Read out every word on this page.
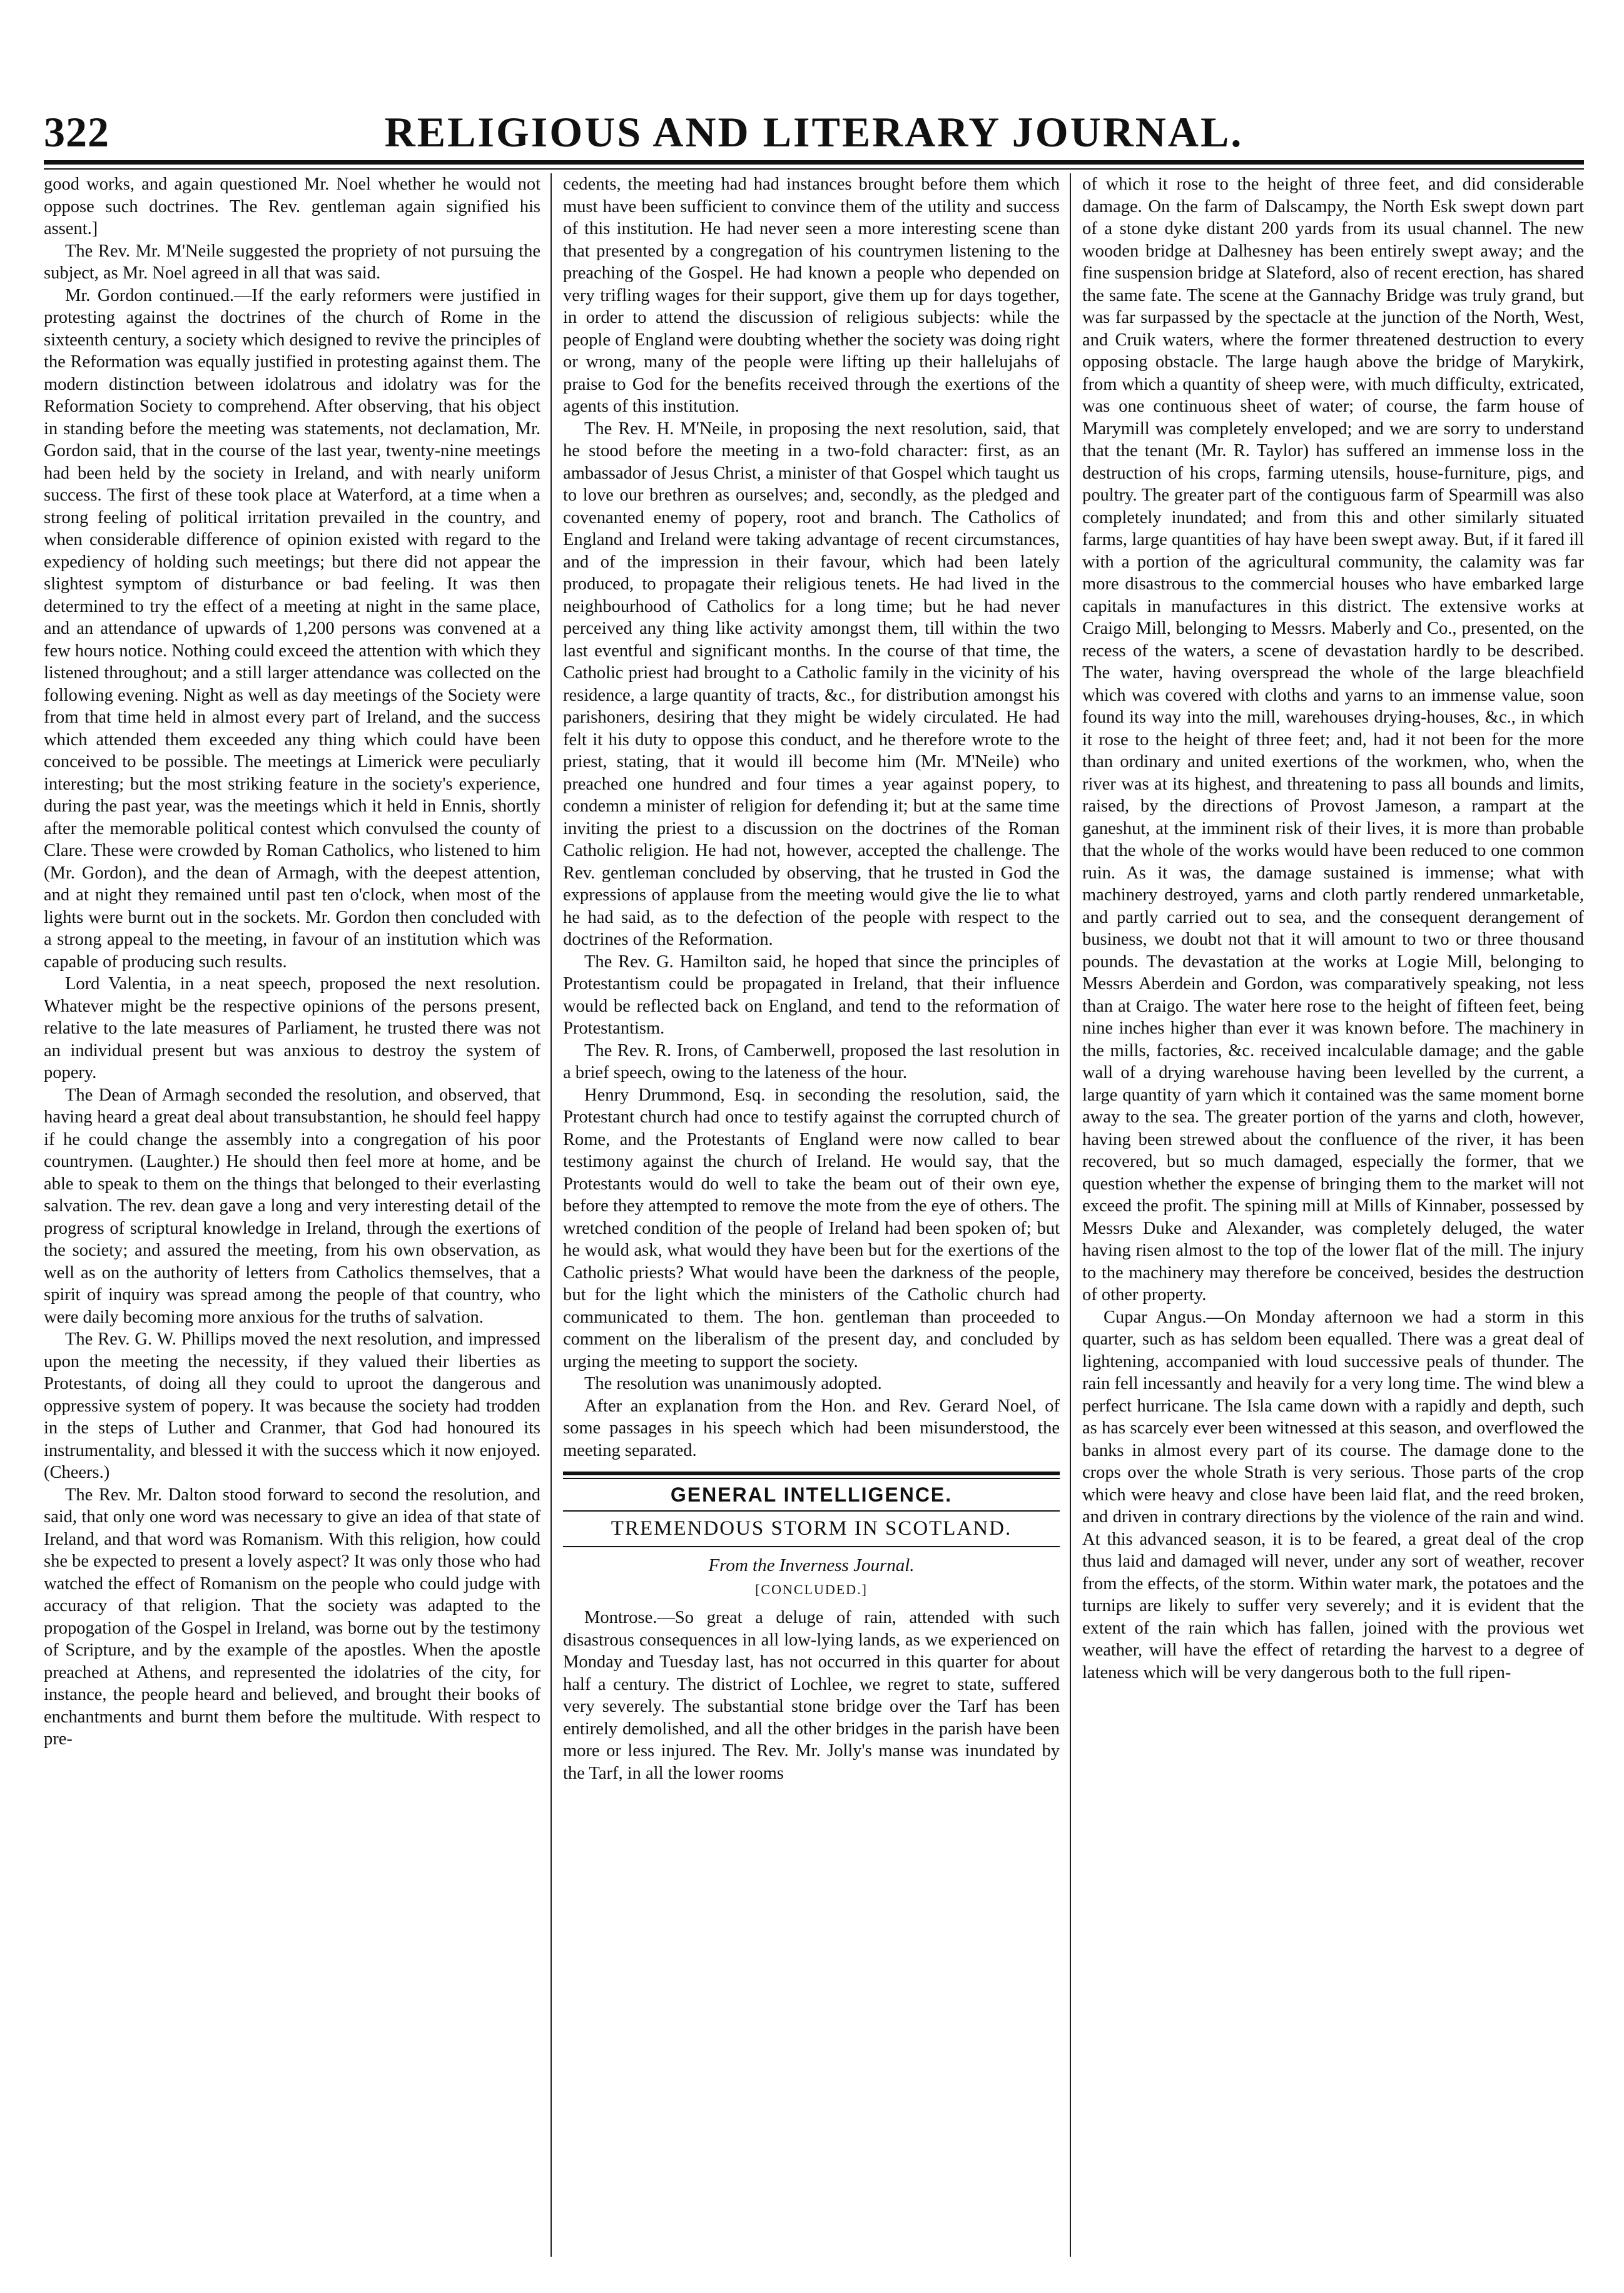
322	RELIGIOUS AND LITERARY JOURNAL.

good works, and again questioned Mr. Noel whether he would not oppose such doctrines. The Rev. gentleman again signified his assent.]

The Rev. Mr. M'Neile suggested the propriety of not pursuing the subject, as Mr. Noel agreed in all that was said.

Mr. Gordon continued.—If the early reformers were justified in protesting against the doctrines of the church of Rome in the sixteenth century, a society which designed to revive the principles of the Reformation was equally justified in protesting against them. The modern distinction between idolatrous and idolatry was for the Reformation Society to comprehend. After observing, that his object in standing before the meeting was statements, not declamation, Mr. Gordon said, that in the course of the last year, twenty-nine meetings had been held by the society in Ireland, and with nearly uniform success. The first of these took place at Waterford, at a time when a strong feeling of political irritation prevailed in the country, and when considerable difference of opinion existed with regard to the expediency of holding such meetings; but there did not appear the slightest symptom of disturbance or bad feeling. It was then determined to try the effect of a meeting at night in the same place, and an attendance of upwards of 1,200 persons was convened at a few hours notice. Nothing could exceed the attention with which they listened throughout; and a still larger attendance was collected on the following evening. Night as well as day meetings of the Society were from that time held in almost every part of Ireland, and the success which attended them exceeded any thing which could have been conceived to be possible. The meetings at Limerick were peculiarly interesting; but the most striking feature in the society's experience, during the past year, was the meetings which it held in Ennis, shortly after the memorable political contest which convulsed the county of Clare. These were crowded by Roman Catholics, who listened to him (Mr. Gordon), and the dean of Armagh, with the deepest attention, and at night they remained until past ten o'clock, when most of the lights were burnt out in the sockets. Mr. Gordon then concluded with a strong appeal to the meeting, in favour of an institution which was capable of producing such results.

Lord Valentia, in a neat speech, proposed the next resolution. Whatever might be the respective opinions of the persons present, relative to the late measures of Parliament, he trusted there was not an individual present but was anxious to destroy the system of popery.

The Dean of Armagh seconded the resolution, and observed, that having heard a great deal about transubstantion, he should feel happy if he could change the assembly into a congregation of his poor countrymen. (Laughter.) He should then feel more at home, and be able to speak to them on the things that belonged to their everlasting salvation. The rev. dean gave a long and very interesting detail of the progress of scriptural knowledge in Ireland, through the exertions of the society; and assured the meeting, from his own observation, as well as on the authority of letters from Catholics themselves, that a spirit of inquiry was spread among the people of that country, who were daily becoming more anxious for the truths of salvation.

The Rev. G. W. Phillips moved the next resolution, and impressed upon the meeting the necessity, if they valued their liberties as Protestants, of doing all they could to uproot the dangerous and oppressive system of popery. It was because the society had trodden in the steps of Luther and Cranmer, that God had honoured its instrumentality, and blessed it with the success which it now enjoyed. (Cheers.)

The Rev. Mr. Dalton stood forward to second the resolution, and said, that only one word was necessary to give an idea of that state of Ireland, and that word was Romanism. With this religion, how could she be expected to present a lovely aspect? It was only those who had watched the effect of Romanism on the people who could judge with accuracy of that religion. That the society was adapted to the propogation of the Gospel in Ireland, was borne out by the testimony of Scripture, and by the example of the apostles. When the apostle preached at Athens, and represented the idolatries of the city, for instance, the people heard and believed, and brought their books of enchantments and burnt them before the multitude. With respect to pre-

cedents, the meeting had had instances brought before them which must have been sufficient to convince them of the utility and success of this institution. He had never seen a more interesting scene than that presented by a congregation of his countrymen listening to the preaching of the Gospel. He had known a people who depended on very trifling wages for their support, give them up for days together, in order to attend the discussion of religious subjects: while the people of England were doubting whether the society was doing right or wrong, many of the people were lifting up their hallelujahs of praise to God for the benefits received through the exertions of the agents of this institution.

The Rev. H. M'Neile, in proposing the next resolution, said, that he stood before the meeting in a two-fold character: first, as an ambassador of Jesus Christ, a minister of that Gospel which taught us to love our brethren as ourselves; and, secondly, as the pledged and covenanted enemy of popery, root and branch. The Catholics of England and Ireland were taking advantage of recent circumstances, and of the impression in their favour, which had been lately produced, to propagate their religious tenets. He had lived in the neighbourhood of Catholics for a long time; but he had never perceived any thing like activity amongst them, till within the two last eventful and significant months. In the course of that time, the Catholic priest had brought to a Catholic family in the vicinity of his residence, a large quantity of tracts, &c., for distribution amongst his parishoners, desiring that they might be widely circulated. He had felt it his duty to oppose this conduct, and he therefore wrote to the priest, stating, that it would ill become him (Mr. M'Neile) who preached one hundred and four times a year against popery, to condemn a minister of religion for defending it; but at the same time inviting the priest to a discussion on the doctrines of the Roman Catholic religion. He had not, however, accepted the challenge. The Rev. gentleman concluded by observing, that he trusted in God the expressions of applause from the meeting would give the lie to what he had said, as to the defection of the people with respect to the doctrines of the Reformation.

The Rev. G. Hamilton said, he hoped that since the principles of Protestantism could be propagated in Ireland, that their influence would be reflected back on England, and tend to the reformation of Protestantism.

The Rev. R. Irons, of Camberwell, proposed the last resolution in a brief speech, owing to the lateness of the hour.

Henry Drummond, Esq. in seconding the resolution, said, the Protestant church had once to testify against the corrupted church of Rome, and the Protestants of England were now called to bear testimony against the church of Ireland. He would say, that the Protestants would do well to take the beam out of their own eye, before they attempted to remove the mote from the eye of others. The wretched condition of the people of Ireland had been spoken of; but he would ask, what would they have been but for the exertions of the Catholic priests? What would have been the darkness of the people, but for the light which the ministers of the Catholic church had communicated to them. The hon. gentleman than proceeded to comment on the liberalism of the present day, and concluded by urging the meeting to support the society.

The resolution was unanimously adopted.

After an explanation from the Hon. and Rev. Gerard Noel, of some passages in his speech which had been misunderstood, the meeting separated.

GENERAL INTELLIGENCE.
TREMENDOUS STORM IN SCOTLAND.
From the Inverness Journal.
[CONCLUDED.]

Montrose.—So great a deluge of rain, attended with such disastrous consequences in all low-lying lands, as we experienced on Monday and Tuesday last, has not occurred in this quarter for about half a century. The district of Lochlee, we regret to state, suffered very severely. The substantial stone bridge over the Tarf has been entirely demolished, and all the other bridges in the parish have been more or less injured. The Rev. Mr. Jolly's manse was inundated by the Tarf, in all the lower rooms

of which it rose to the height of three feet, and did considerable damage. On the farm of Dalscampy, the North Esk swept down part of a stone dyke distant 200 yards from its usual channel. The new wooden bridge at Dalhesney has been entirely swept away; and the fine suspension bridge at Slateford, also of recent erection, has shared the same fate. The scene at the Gannachy Bridge was truly grand, but was far surpassed by the spectacle at the junction of the North, West, and Cruik waters, where the former threatened destruction to every opposing obstacle. The large haugh above the bridge of Marykirk, from which a quantity of sheep were, with much difficulty, extricated, was one continuous sheet of water; of course, the farm house of Marymill was completely enveloped; and we are sorry to understand that the tenant (Mr. R. Taylor) has suffered an immense loss in the destruction of his crops, farming utensils, house-furniture, pigs, and poultry. The greater part of the contiguous farm of Spearmill was also completely inundated; and from this and other similarly situated farms, large quantities of hay have been swept away. But, if it fared ill with a portion of the agricultural community, the calamity was far more disastrous to the commercial houses who have embarked large capitals in manufactures in this district. The extensive works at Craigo Mill, belonging to Messrs. Maberly and Co., presented, on the recess of the waters, a scene of devastation hardly to be described. The water, having overspread the whole of the large bleachfield which was covered with cloths and yarns to an immense value, soon found its way into the mill, warehouses drying-houses, &c., in which it rose to the height of three feet; and, had it not been for the more than ordinary and united exertions of the workmen, who, when the river was at its highest, and threatening to pass all bounds and limits, raised, by the directions of Provost Jameson, a rampart at the ganeshut, at the imminent risk of their lives, it is more than probable that the whole of the works would have been reduced to one common ruin. As it was, the damage sustained is immense; what with machinery destroyed, yarns and cloth partly rendered unmarketable, and partly carried out to sea, and the consequent derangement of business, we doubt not that it will amount to two or three thousand pounds. The devastation at the works at Logie Mill, belonging to Messrs Aberdein and Gordon, was comparatively speaking, not less than at Craigo. The water here rose to the height of fifteen feet, being nine inches higher than ever it was known before. The machinery in the mills, factories, &c. received incalculable damage; and the gable wall of a drying warehouse having been levelled by the current, a large quantity of yarn which it contained was the same moment borne away to the sea. The greater portion of the yarns and cloth, however, having been strewed about the confluence of the river, it has been recovered, but so much damaged, especially the former, that we question whether the expense of bringing them to the market will not exceed the profit. The spining mill at Mills of Kinnaber, possessed by Messrs Duke and Alexander, was completely deluged, the water having risen almost to the top of the lower flat of the mill. The injury to the machinery may therefore be conceived, besides the destruction of other property.

Cupar Angus.—On Monday afternoon we had a storm in this quarter, such as has seldom been equalled. There was a great deal of lightening, accompanied with loud successive peals of thunder. The rain fell incessantly and heavily for a very long time. The wind blew a perfect hurricane. The Isla came down with a rapidly and depth, such as has scarcely ever been witnessed at this season, and overflowed the banks in almost every part of its course. The damage done to the crops over the whole Strath is very serious. Those parts of the crop which were heavy and close have been laid flat, and the reed broken, and driven in contrary directions by the violence of the rain and wind. At this advanced season, it is to be feared, a great deal of the crop thus laid and damaged will never, under any sort of weather, recover from the effects, of the storm. Within water mark, the potatoes and the turnips are likely to suffer very severely; and it is evident that the extent of the rain which has fallen, joined with the provious wet weather, will have the effect of retarding the harvest to a degree of lateness which will be very dangerous both to the full ripen-
